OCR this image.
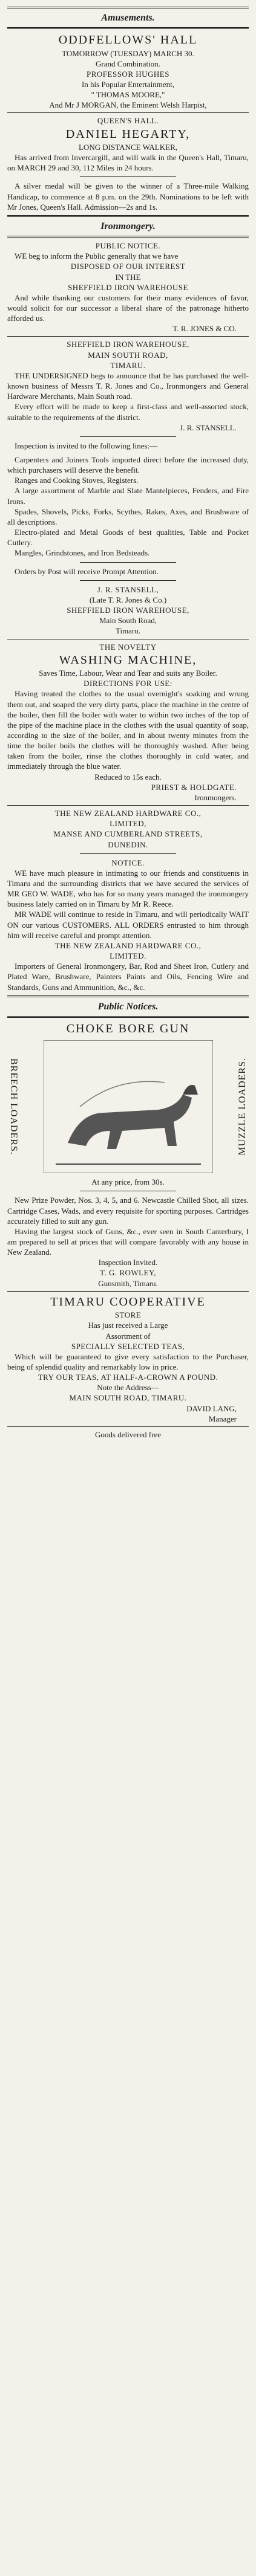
Amusements.
ODDFELLOWS' HALL
TOMORROW (TUESDAY) MARCH 30.
Grand Combination.
PROFESSOR HUGHES
In his Popular Entertainment,
" THOMAS MOORE,"
And Mr J MORGAN, the Eminent Welsh Harpist,
QUEEN'S HALL.
DANIEL HEGARTY,
LONG DISTANCE WALKER,

Has arrived from Invercargill, and will walk in the Queen's Hall, Timaru, on MARCH 29 and 30, 112 Miles in 24 hours.

A silver medal will be given to the winner of a Three-mile Walking Handicap, to commence at 8 p.m. on the 29th. Nominations to be left with Mr Jones, Queen's Hall. Admission—2s and 1s.

Ironmongery.
PUBLIC NOTICE.

WE beg to inform the Public generally that we have

DISPOSED OF OUR INTEREST
IN THE
SHEFFIELD IRON WAREHOUSE

And while thanking our customers for their many evidences of favor, would solicit for our successor a liberal share of the patronage hitherto afforded us.

T. R. JONES & CO.
SHEFFIELD IRON WAREHOUSE,
MAIN SOUTH ROAD,
TIMARU.

THE UNDERSIGNED begs to announce that he has purchased the well-known business of Messrs T. R. Jones and Co., Ironmongers and General Hardware Merchants, Main South road.

Every effort will be made to keep a first-class and well-assorted stock, suitable to the requirements of the district.

J. R. STANSELL.

Inspection is invited to the following lines:—

Carpenters and Joiners Tools imported direct before the increased duty, which purchasers will deserve the benefit.

Ranges and Cooking Stoves, Registers.

A large assortment of Marble and Slate Mantelpieces, Fenders, and Fire Irons.

Spades, Shovels, Picks, Forks, Scythes, Rakes, Axes, and Brushware of all descriptions.

Electro-plated and Metal Goods of best qualities, Table and Pocket Cutlery.

Mangles, Grindstones, and Iron Bedsteads.

Orders by Post will receive Prompt Attention.

J. R. STANSELL,
(Late T. R. Jones & Co.)
SHEFFIELD IRON WAREHOUSE,
Main South Road,
Timaru.
THE NOVELTY
WASHING MACHINE,
Saves Time, Labour, Wear and Tear and suits any Boiler.
DIRECTIONS FOR USE:

Having treated the clothes to the usual overnight's soaking and wrung them out, and soaped the very dirty parts, place the machine in the centre of the boiler, then fill the boiler with water to within two inches of the top of the pipe of the machine place in the clothes with the usual quantity of soap, according to the size of the boiler, and in about twenty minutes from the time the boiler boils the clothes will be thoroughly washed. After being taken from the boiler, rinse the clothes thoroughly in cold water, and immediately through the blue water.

Reduced to 15s each.
PRIEST & HOLDGATE.
Ironmongers.
THE NEW ZEALAND HARDWARE CO.,
LIMITED,
MANSE AND CUMBERLAND STREETS,
DUNEDIN.
NOTICE.

WE have much pleasure in intimating to our friends and constituents in Timaru and the surrounding districts that we have secured the services of MR GEO W. WADE, who has for so many years managed the ironmongery business lately carried on in Timaru by Mr R. Reece.

MR WADE will continue to reside in Timaru, and will periodically WAIT ON our various CUSTOMERS. ALL ORDERS entrusted to him through him will receive careful and prompt attention.

THE NEW ZEALAND HARDWARE CO.,
LIMITED.

Importers of General Ironmongery, Bar, Rod and Sheet Iron, Cutlery and Plated Ware, Brushware, Painters Paints and Oils, Fencing Wire and Standards, Guns and Ammunition, &c., &c.

Public Notices.
CHOKE BORE GUN
BREECH LOADERS.	MUZZLE LOADERS.
At any price, from 30s.

New Prize Powder, Nos. 3, 4, 5, and 6. Newcastle Chilled Shot, all sizes. Cartridge Cases, Wads, and every requisite for sporting purposes. Cartridges accurately filled to suit any gun.

Having the largest stock of Guns, &c., ever seen in South Canterbury, I am prepared to sell at prices that will compare favorably with any house in New Zealand.

Inspection Invited.
T. G. ROWLEY,
Gunsmith, Timaru.
TIMARU COOPERATIVE
STORE
Has just received a Large
Assortment of
SPECIALLY SELECTED TEAS,

Which will be guaranteed to give every satisfaction to the Purchaser, being of splendid quality and remarkably low in price.

TRY OUR TEAS, AT HALF-A-CROWN A POUND.
Note the Address—
MAIN SOUTH ROAD, TIMARU.
DAVID LANG,
Manager
Goods delivered free
